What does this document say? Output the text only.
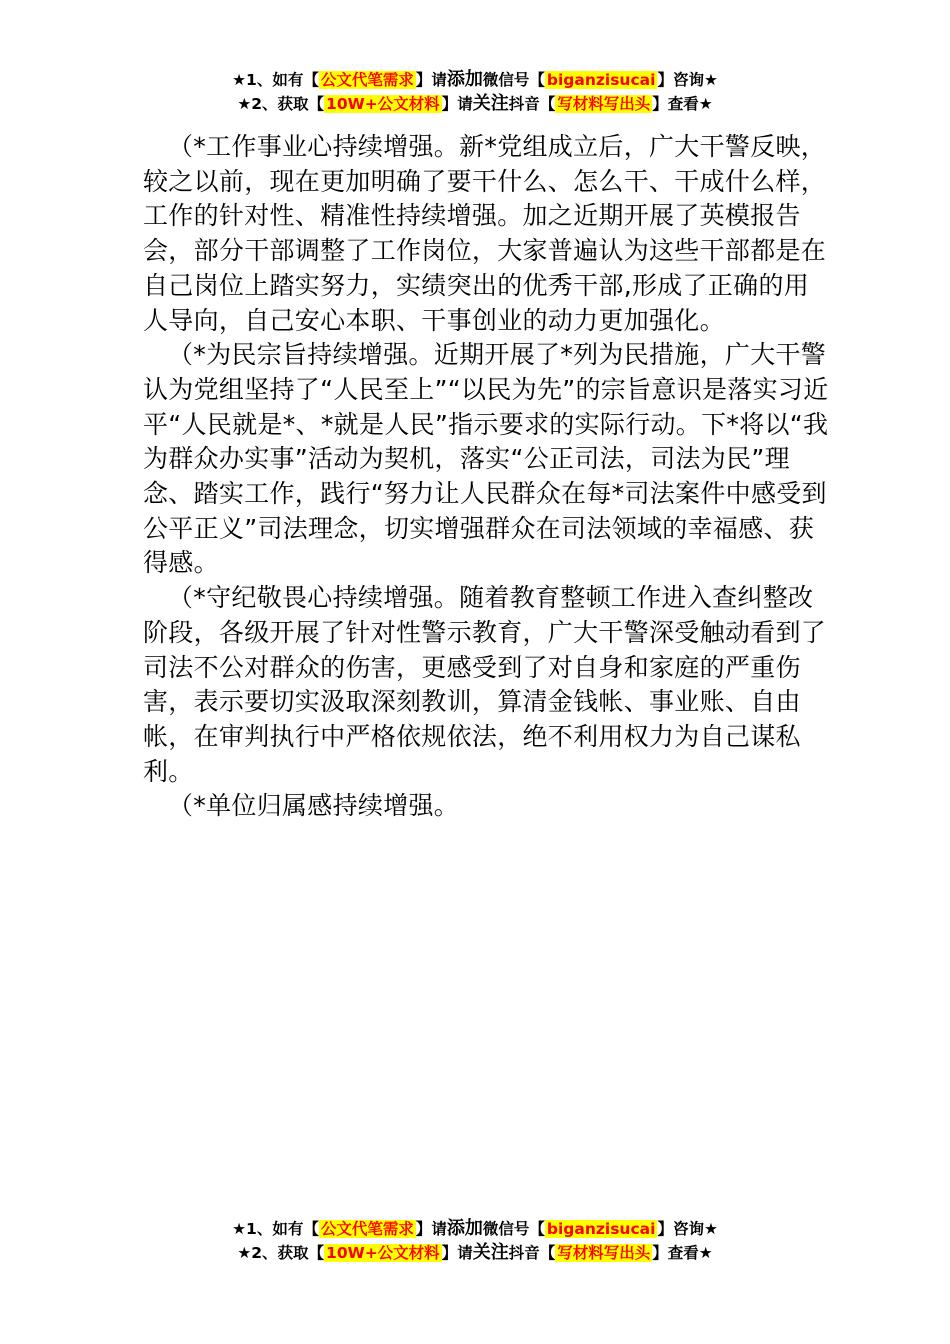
★1、如有【 公文代笔需求 】请添加微信号【 biganzisucai 】咨询★
★2、获取【 10W+公文材料 】请关注抖音【 写材料写出头 】查看★

（*工作事业心持续增强。新*党组成立后，广大干警反映，较之以前，现在更加明确了要干什么、怎么干、干成什么样，工作的针对性、精准性持续增强。加之近期开展了英模报告会，部分干部调整了工作岗位，大家普遍认为这些干部都是在自己岗位上踏实努力，实绩突出的优秀干部,形成了正确的用人导向，自己安心本职、干事创业的动力更加强化。

（*为民宗旨持续增强。近期开展了*列为民措施，广大干警认为党组坚持了“人民至上”“以民为先”的宗旨意识是落实习近平“人民就是*、*就是人民”指示要求的实际行动。下*将以“我为群众办实事”活动为契机，落实“公正司法，司法为民”理念、踏实工作，践行“努力让人民群众在每*司法案件中感受到公平正义”司法理念，切实增强群众在司法领域的幸福感、获得感。

（*守纪敬畏心持续增强。随着教育整顿工作进入查纠整改阶段，各级开展了针对性警示教育，广大干警深受触动看到了司法不公对群众的伤害，更感受到了对自身和家庭的严重伤害，表示要切实汲取深刻教训，算清金钱帐、事业账、自由帐，在审判执行中严格依规依法，绝不利用权力为自己谋私利。

（*单位归属感持续增强。

★1、如有【 公文代笔需求 】请添加微信号【 biganzisucai 】咨询★
★2、获取【 10W+公文材料 】请关注抖音【 写材料写出头 】查看★
